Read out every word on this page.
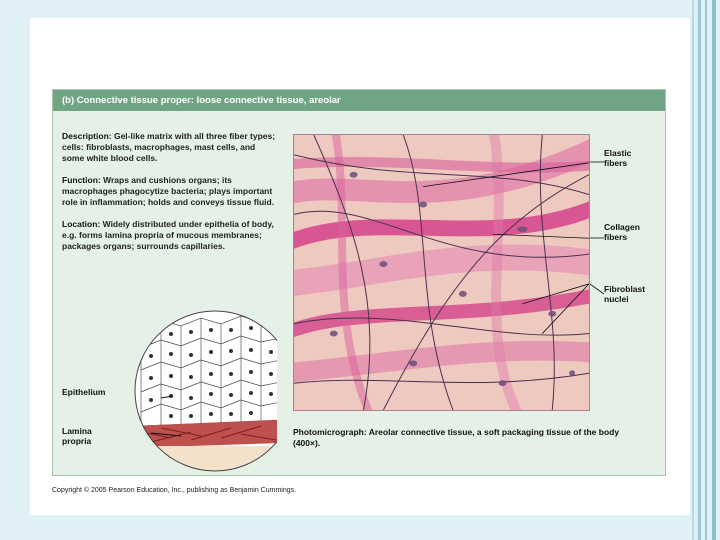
(b) Connective tissue proper: loose connective tissue, areolar

Description: Gel-like matrix with all three fiber types; cells: fibroblasts, macrophages, mast cells, and some white blood cells.

Function: Wraps and cushions organs; its macrophages phagocytize bacteria; plays important role in inflammation; holds and conveys tissue fluid.

Location: Widely distributed under epithelia of body, e.g. forms lamina propria of mucous membranes; packages organs; surrounds capillaries.

Epithelium
Lamina
propria
Elastic
fibers
Collagen
fibers
Fibroblast
nuclei
Photomicrograph: Areolar connective tissue, a soft packaging tissue of the body (400×).
Copyright © 2005 Pearson Education, Inc., publishing as Benjamin Cummings.
